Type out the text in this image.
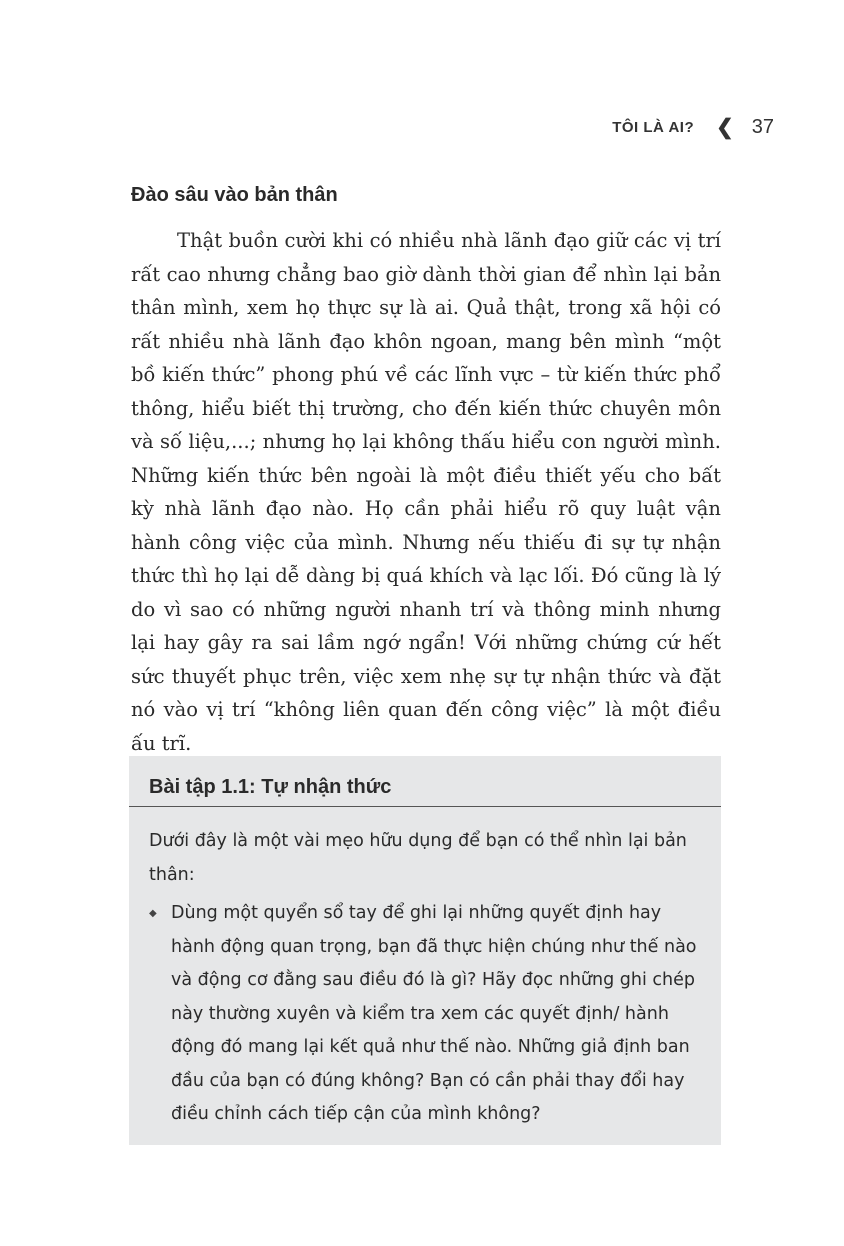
TÔI LÀ AI? ❮ 37
Đào sâu vào bản thân

Thật buồn cười khi có nhiều nhà lãnh đạo giữ các vị trí rất cao nhưng chẳng bao giờ dành thời gian để nhìn lại bản thân mình, xem họ thực sự là ai. Quả thật, trong xã hội có rất nhiều nhà lãnh đạo khôn ngoan, mang bên mình “một bồ kiến thức” phong phú về các lĩnh vực – từ kiến thức phổ thông, hiểu biết thị trường, cho đến kiến thức chuyên môn và số liệu,...; nhưng họ lại không thấu hiểu con người mình. Những kiến thức bên ngoài là một điều thiết yếu cho bất kỳ nhà lãnh đạo nào. Họ cần phải hiểu rõ quy luật vận hành công việc của mình. Nhưng nếu thiếu đi sự tự nhận thức thì họ lại dễ dàng bị quá khích và lạc lối. Đó cũng là lý do vì sao có những người nhanh trí và thông minh nhưng lại hay gây ra sai lầm ngớ ngẩn! Với những chứng cứ hết sức thuyết phục trên, việc xem nhẹ sự tự nhận thức và đặt nó vào vị trí “không liên quan đến công việc” là một điều ấu trĩ.

Bài tập 1.1: Tự nhận thức

Dưới đây là một vài mẹo hữu dụng để bạn có thể nhìn lại bản thân:

◆ Dùng một quyển sổ tay để ghi lại những quyết định hay hành động quan trọng, bạn đã thực hiện chúng như thế nào và động cơ đằng sau điều đó là gì? Hãy đọc những ghi chép này thường xuyên và kiểm tra xem các quyết định/ hành động đó mang lại kết quả như thế nào. Những giả định ban đầu của bạn có đúng không? Bạn có cần phải thay đổi hay điều chỉnh cách tiếp cận của mình không?
